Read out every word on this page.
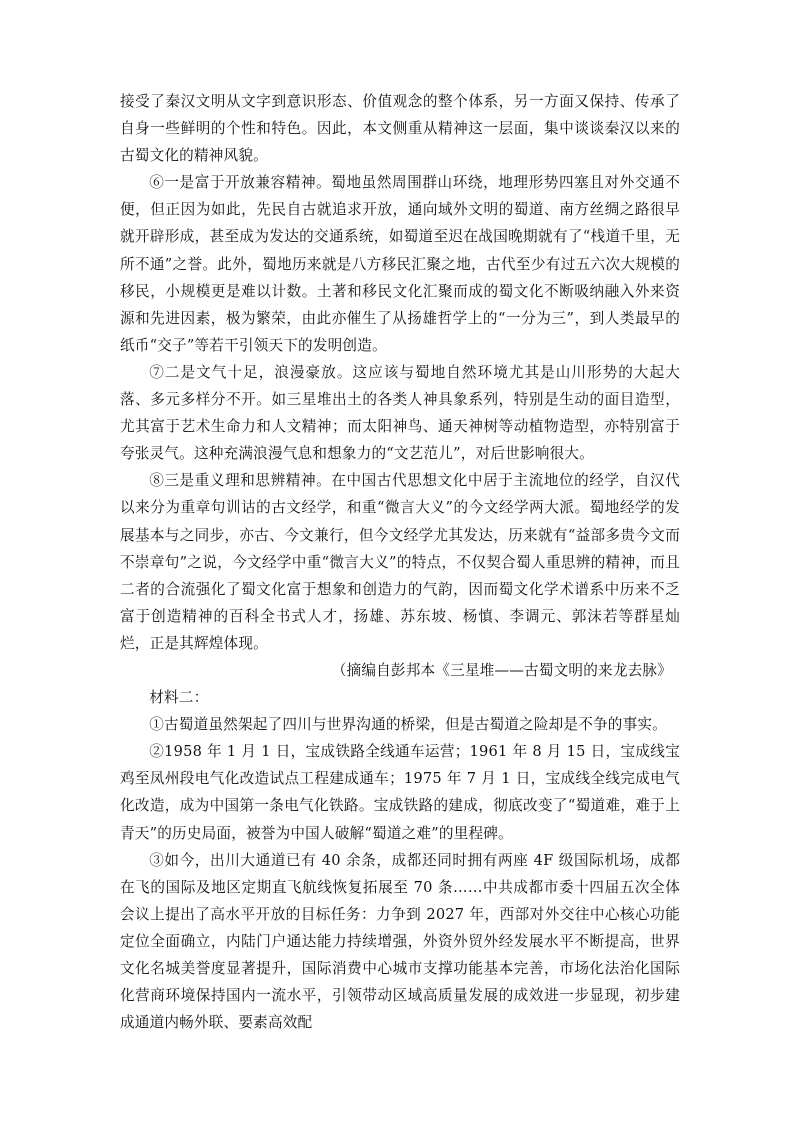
接受了秦汉文明从文字到意识形态、价值观念的整个体系，另一方面又保持、传承了自身一些鲜明的个性和特色。因此，本文侧重从精神这一层面，集中谈谈秦汉以来的古蜀文化的精神风貌。

⑥一是富于开放兼容精神。蜀地虽然周围群山环绕，地理形势四塞且对外交通不便，但正因为如此，先民自古就追求开放，通向域外文明的蜀道、南方丝绸之路很早就开辟形成，甚至成为发达的交通系统，如蜀道至迟在战国晚期就有了“栈道千里，无所不通”之誉。此外，蜀地历来就是八方移民汇聚之地，古代至少有过五六次大规模的移民，小规模更是难以计数。土著和移民文化汇聚而成的蜀文化不断吸纳融入外来资源和先进因素，极为繁荣，由此亦催生了从扬雄哲学上的“一分为三”，到人类最早的纸币“交子”等若干引领天下的发明创造。

⑦二是文气十足，浪漫豪放。这应该与蜀地自然环境尤其是山川形势的大起大落、多元多样分不开。如三星堆出土的各类人神具象系列，特别是生动的面目造型，尤其富于艺术生命力和人文精神；而太阳神鸟、通天神树等动植物造型，亦特别富于夸张灵气。这种充满浪漫气息和想象力的“文艺范儿”，对后世影响很大。

⑧三是重义理和思辨精神。在中国古代思想文化中居于主流地位的经学，自汉代以来分为重章句训诂的古文经学，和重“微言大义”的今文经学两大派。蜀地经学的发展基本与之同步，亦古、今文兼行，但今文经学尤其发达，历来就有“益部多贵今文而不崇章句”之说，今文经学中重“微言大义”的特点，不仅契合蜀人重思辨的精神，而且二者的合流强化了蜀文化富于想象和创造力的气韵，因而蜀文化学术谱系中历来不乏富于创造精神的百科全书式人才，扬雄、苏东坡、杨慎、李调元、郭沫若等群星灿烂，正是其辉煌体现。

（摘编自彭邦本《三星堆——古蜀文明的来龙去脉》

材料二：

①古蜀道虽然架起了四川与世界沟通的桥梁，但是古蜀道之险却是不争的事实。

②1958 年 1 月 1 日，宝成铁路全线通车运营；1961 年 8 月 15 日，宝成线宝鸡至凤州段电气化改造试点工程建成通车；1975 年 7 月 1 日，宝成线全线完成电气化改造，成为中国第一条电气化铁路。宝成铁路的建成，彻底改变了“蜀道难，难于上青天”的历史局面，被誉为中国人破解“蜀道之难”的里程碑。

③如今，出川大通道已有 40 余条，成都还同时拥有两座 4F 级国际机场，成都在飞的国际及地区定期直飞航线恢复拓展至 70 条……中共成都市委十四届五次全体会议上提出了高水平开放的目标任务：力争到 2027 年，西部对外交往中心核心功能定位全面确立，内陆门户通达能力持续增强，外资外贸外经发展水平不断提高，世界文化名城美誉度显著提升，国际消费中心城市支撑功能基本完善，市场化法治化国际化营商环境保持国内一流水平，引领带动区域高质量发展的成效进一步显现，初步建成通道内畅外联、要素高效配
